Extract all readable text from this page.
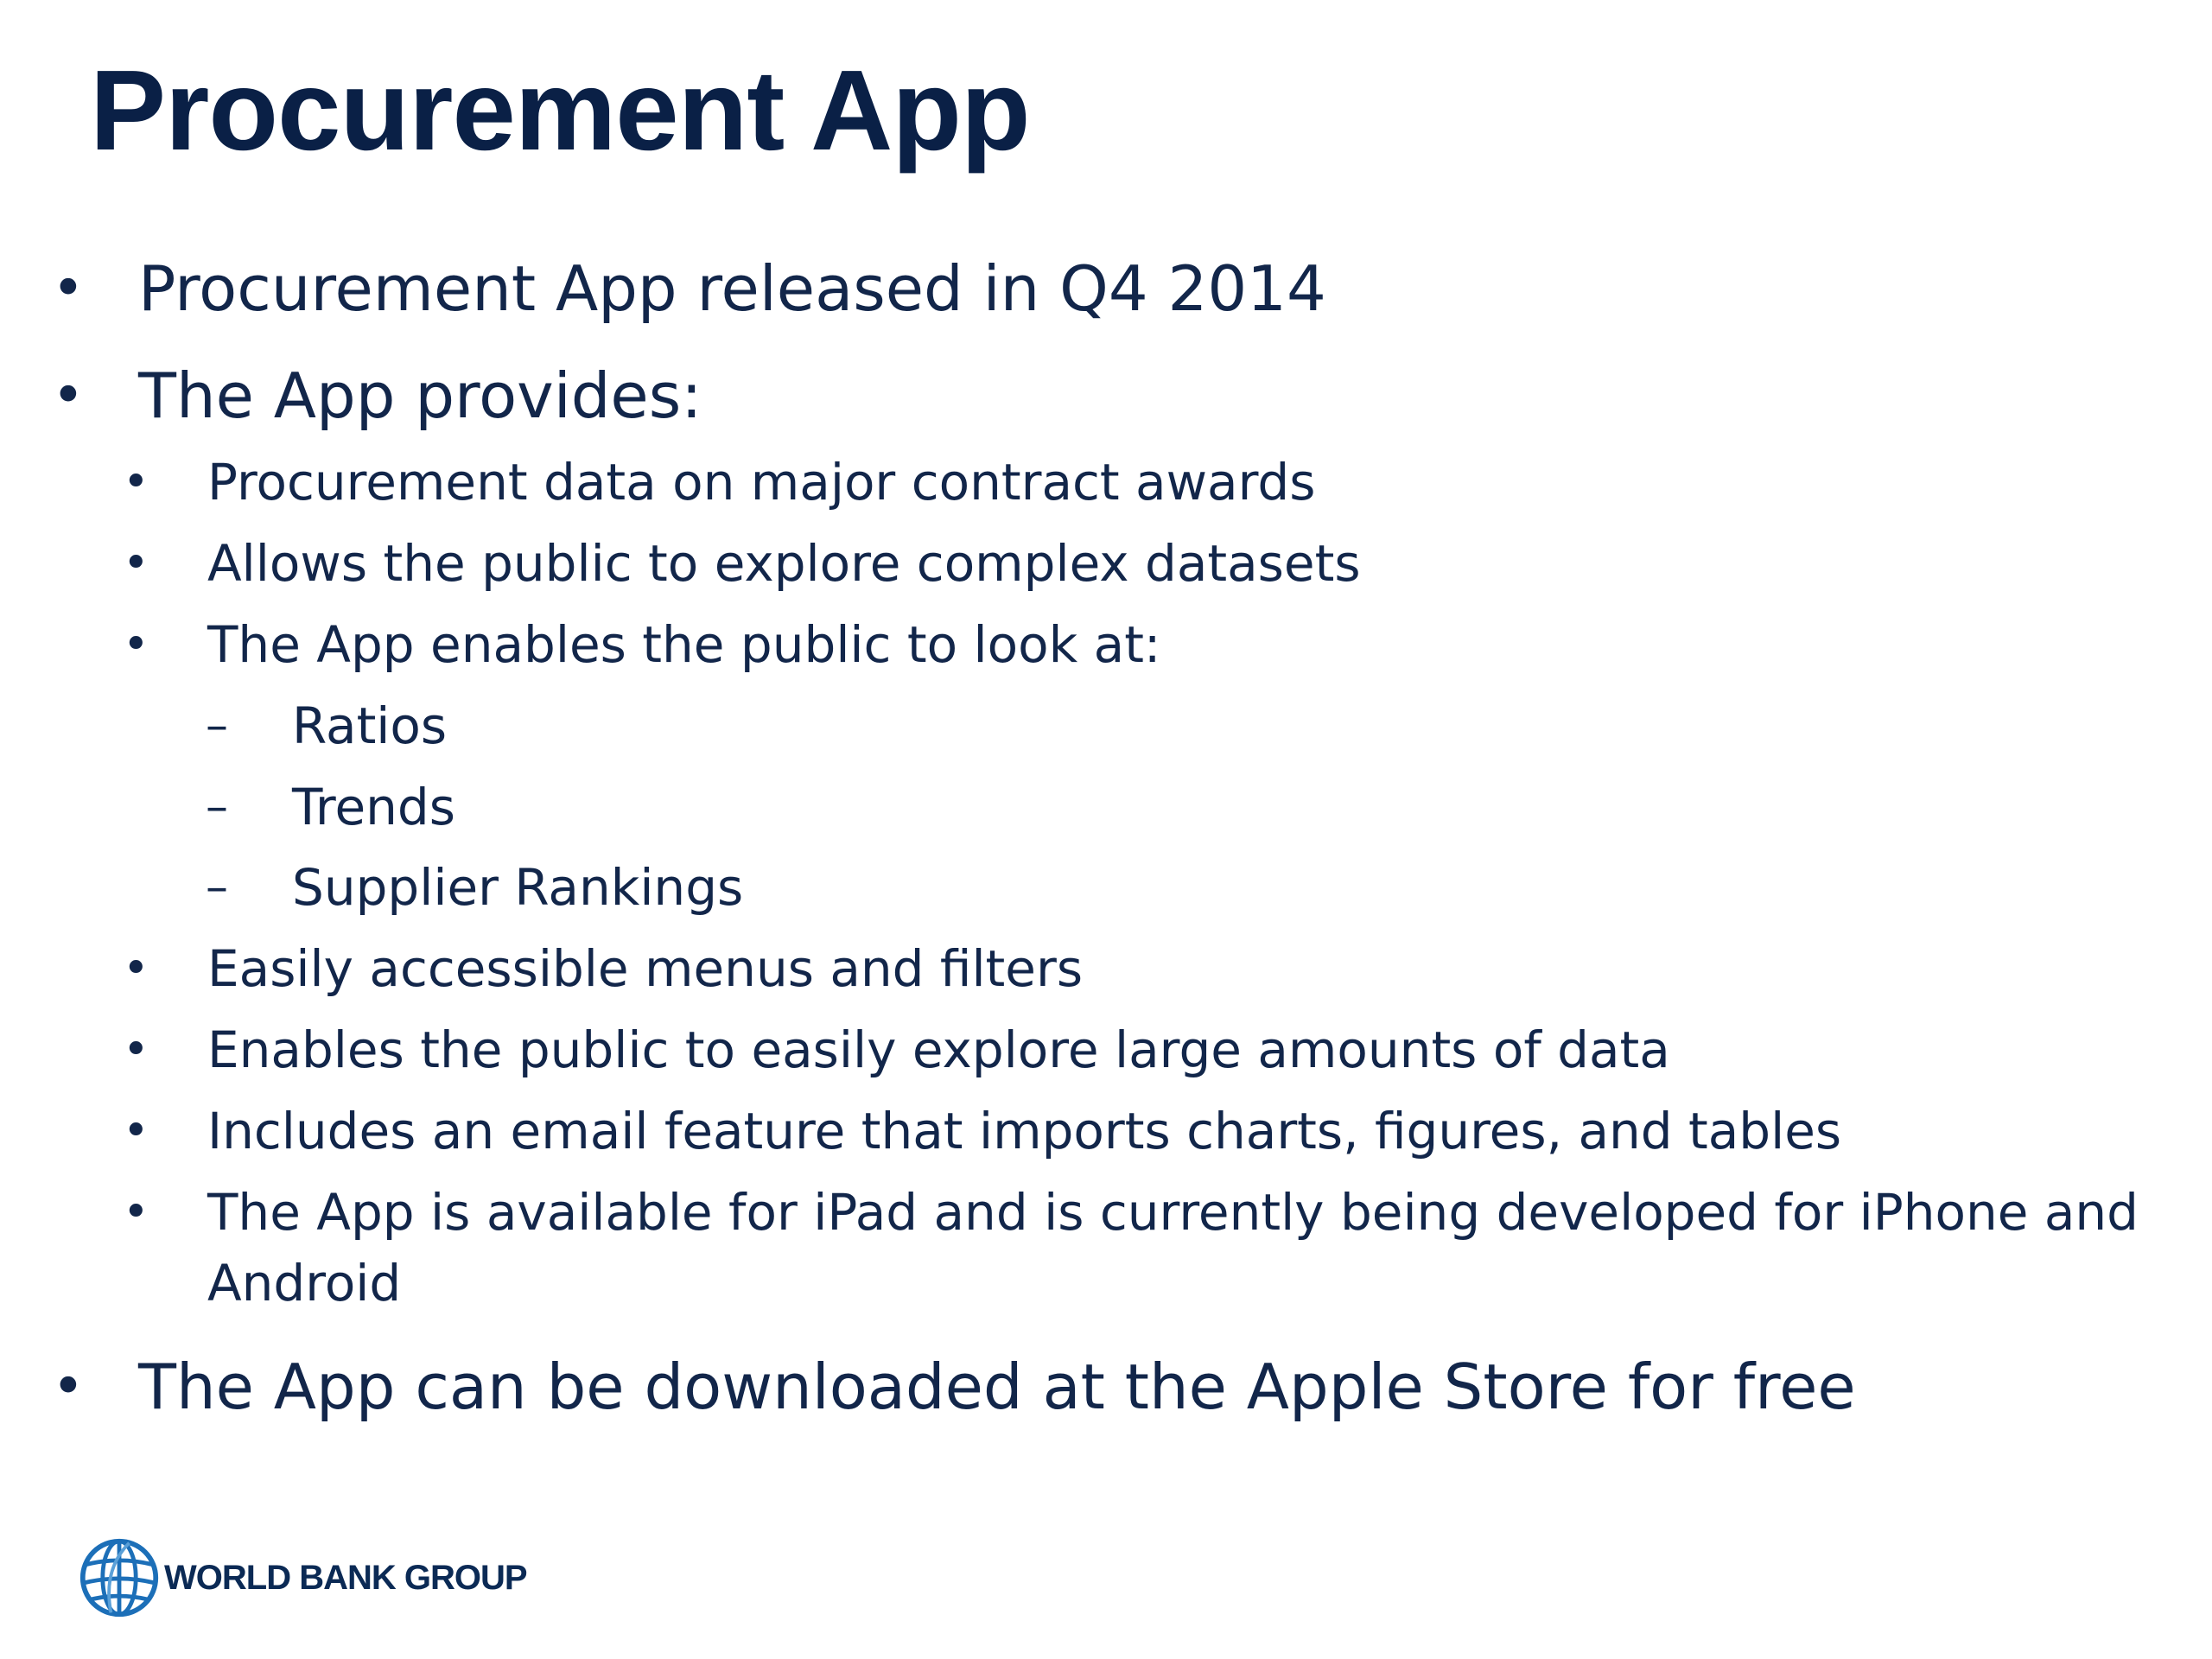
Procurement App
• Procurement App released in Q4 2014
• The App provides:
• Procurement data on major contract awards
• Allows the public to explore complex datasets
• The App enables the public to look at:
– Ratios
– Trends
– Supplier Rankings
• Easily accessible menus and filters
• Enables the public to easily explore large amounts of data
• Includes an email feature that imports charts, figures, and tables
• The App is available for iPad and is currently being developed for iPhone and Android
• The App can be downloaded at the Apple Store for free
WORLD BANK GROUP
